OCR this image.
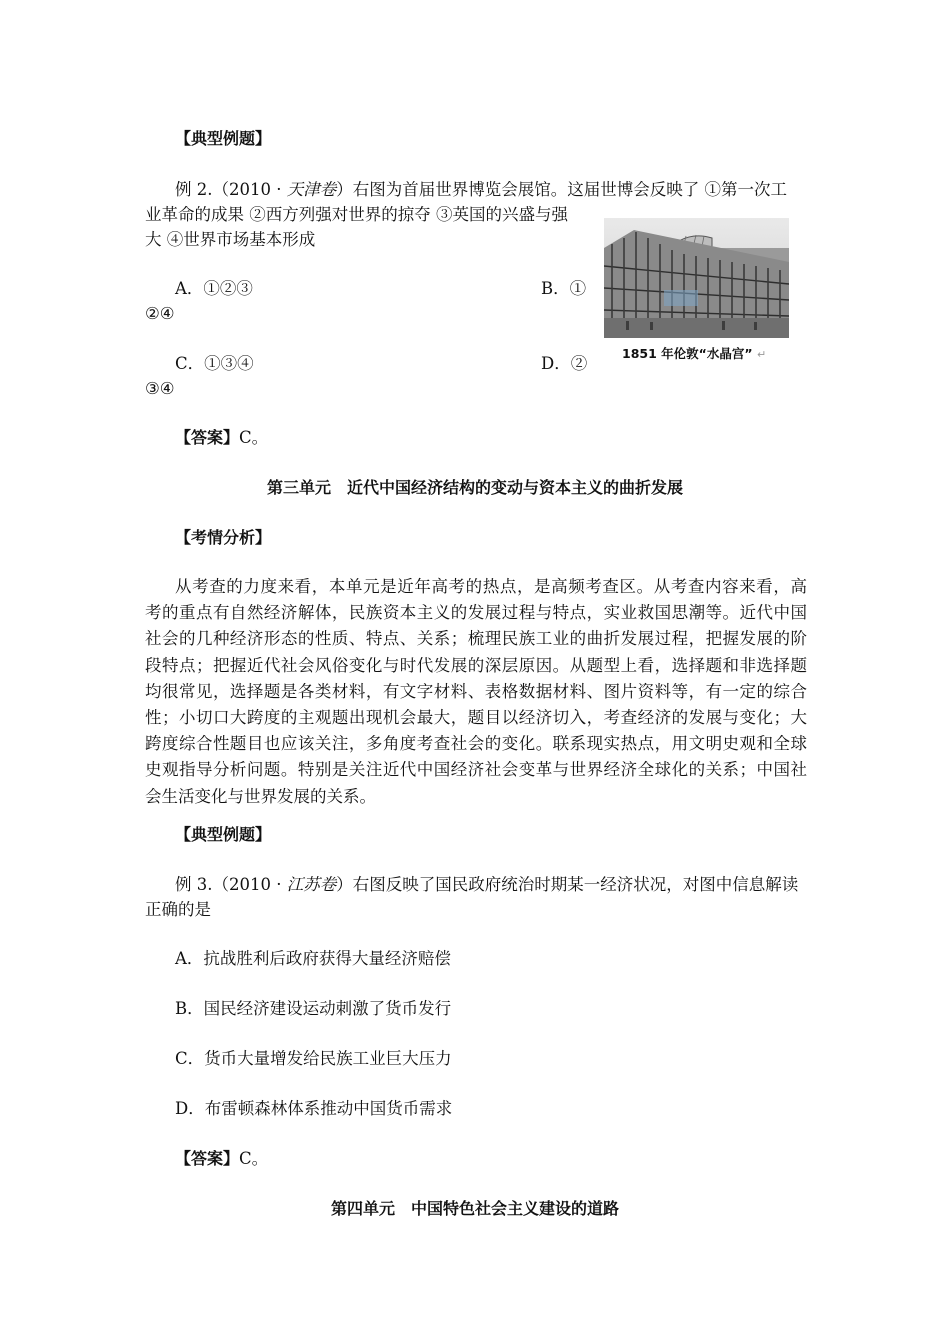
【典型例题】
例 2.（2010 · 天津卷）右图为首届世界博览会展馆。这届世博会反映了 ①第一次工
业革命的成果 ②西方列强对世界的掠夺 ③英国的兴盛与强
大 ④世界市场基本形成
A．①②③	B．①
②④
C．①③④	D．②
③④
1851 年伦敦“水晶宫” ↵
【答案】C。
第三单元　近代中国经济结构的变动与资本主义的曲折发展
【考情分析】
从考查的力度来看，本单元是近年高考的热点，是高频考查区。从考查内容来看，高
考的重点有自然经济解体，民族资本主义的发展过程与特点，实业救国思潮等。近代中国
社会的几种经济形态的性质、特点、关系；梳理民族工业的曲折发展过程，把握发展的阶
段特点；把握近代社会风俗变化与时代发展的深层原因。从题型上看，选择题和非选择题
均很常见，选择题是各类材料，有文字材料、表格数据材料、图片资料等，有一定的综合
性；小切口大跨度的主观题出现机会最大，题目以经济切入，考查经济的发展与变化；大
跨度综合性题目也应该关注，多角度考查社会的变化。联系现实热点，用文明史观和全球
史观指导分析问题。特别是关注近代中国经济社会变革与世界经济全球化的关系；中国社
会生活变化与世界发展的关系。
【典型例题】
例 3.（2010 · 江苏卷）右图反映了国民政府统治时期某一经济状况，对图中信息解读
正确的是
A．抗战胜利后政府获得大量经济赔偿
B．国民经济建设运动刺激了货币发行
C．货币大量增发给民族工业巨大压力
D．布雷顿森林体系推动中国货币需求
【答案】C。
第四单元　中国特色社会主义建设的道路
